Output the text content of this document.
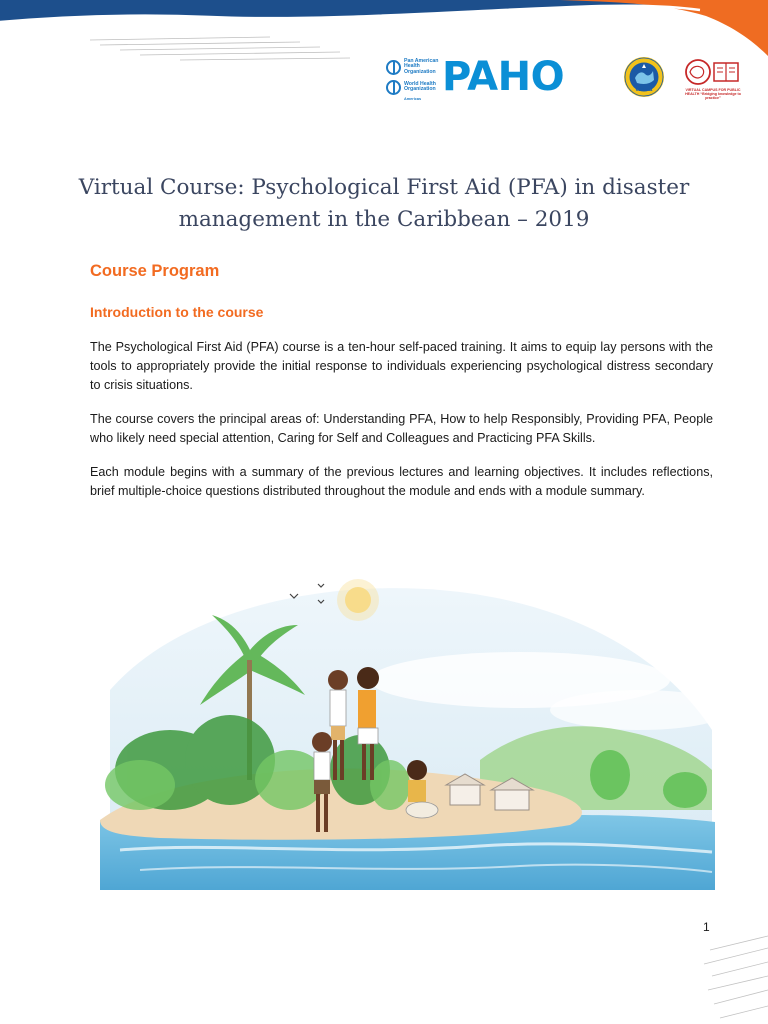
Pan American Health Organization
World Health Organization
Americas PAHO	CDEMA	VIRTUAL CAMPUS FOR PUBLIC HEALTH “Bridging knowledge to practice”
Virtual Course: Psychological First Aid (PFA) in disaster management in the Caribbean – 2019
Course Program
Introduction to the course

The Psychological First Aid (PFA) course is a ten-hour self-paced training. It aims to equip lay persons with the tools to appropriately provide the initial response to individuals experiencing psychological distress secondary to crisis situations.

The course covers the principal areas of: Understanding PFA, How to help Responsibly, Providing PFA, People who likely need special attention, Caring for Self and Colleagues and Practicing PFA Skills.

Each module begins with a summary of the previous lectures and learning objectives. It includes reflections, brief multiple-choice questions distributed throughout the module and ends with a module summary.

1
